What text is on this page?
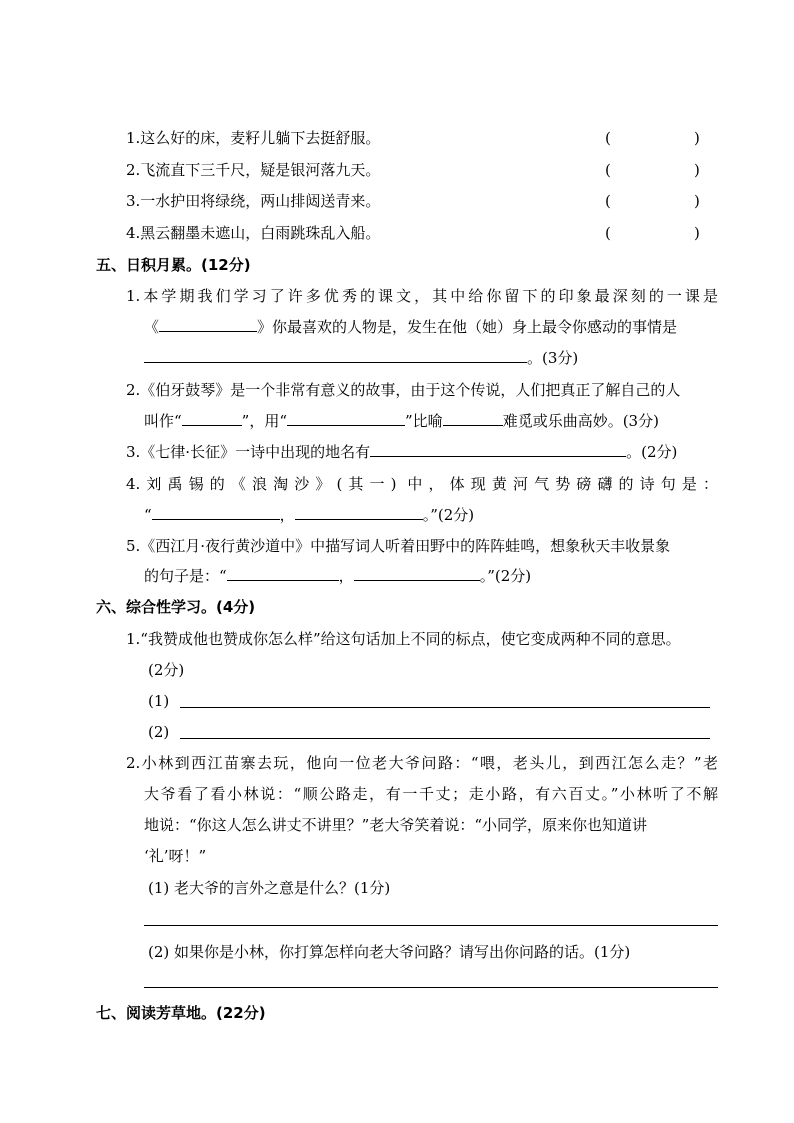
1.这么好的床，麦籽儿躺下去挺舒服。	(	)
2.飞流直下三千尺，疑是银河落九天。	(	)
3.一水护田将绿绕，两山排闼送青来。	(	)
4.黑云翻墨未遮山，白雨跳珠乱入船。	(	)
五、日积月累。(12分)
1.本学期我们学习了许多优秀的课文，其中给你留下的印象最深刻的一课是
《	》你最喜欢的人物是，发生在他（她）身上最令你感动的事情是
。(3分)
2.《伯牙鼓琴》是一个非常有意义的故事，由于这个传说，人们把真正了解自己的人
叫作“	”，用“	”比喻	难觅或乐曲高妙。(3分)
3.《七律·长征》一诗中出现的地名有	。(2分)
4.刘禹锡的《浪淘沙》(其一) 中，体现黄河气势磅礴的诗句是：
“	，	。”(2分)
5.《西江月·夜行黄沙道中》中描写词人听着田野中的阵阵蛙鸣，想象秋天丰收景象
的句子是：“	，	。”(2分)
六、综合性学习。(4分)
1.“我赞成他也赞成你怎么样”给这句话加上不同的标点，使它变成两种不同的意思。
(2分)
(1)
(2)
2.小林到西江苗寨去玩，他向一位老大爷问路：“喂，老头儿，到西江怎么走？”老
大爷看了看小林说：“顺公路走，有一千丈；走小路，有六百丈。”小林听了不解
地说：“你这人怎么讲丈不讲里？”老大爷笑着说：“小同学，原来你也知道讲
‘礼’呀！”
(1) 老大爷的言外之意是什么？(1分)
(2) 如果你是小林，你打算怎样向老大爷问路？请写出你问路的话。(1分)
七、阅读芳草地。(22分)
